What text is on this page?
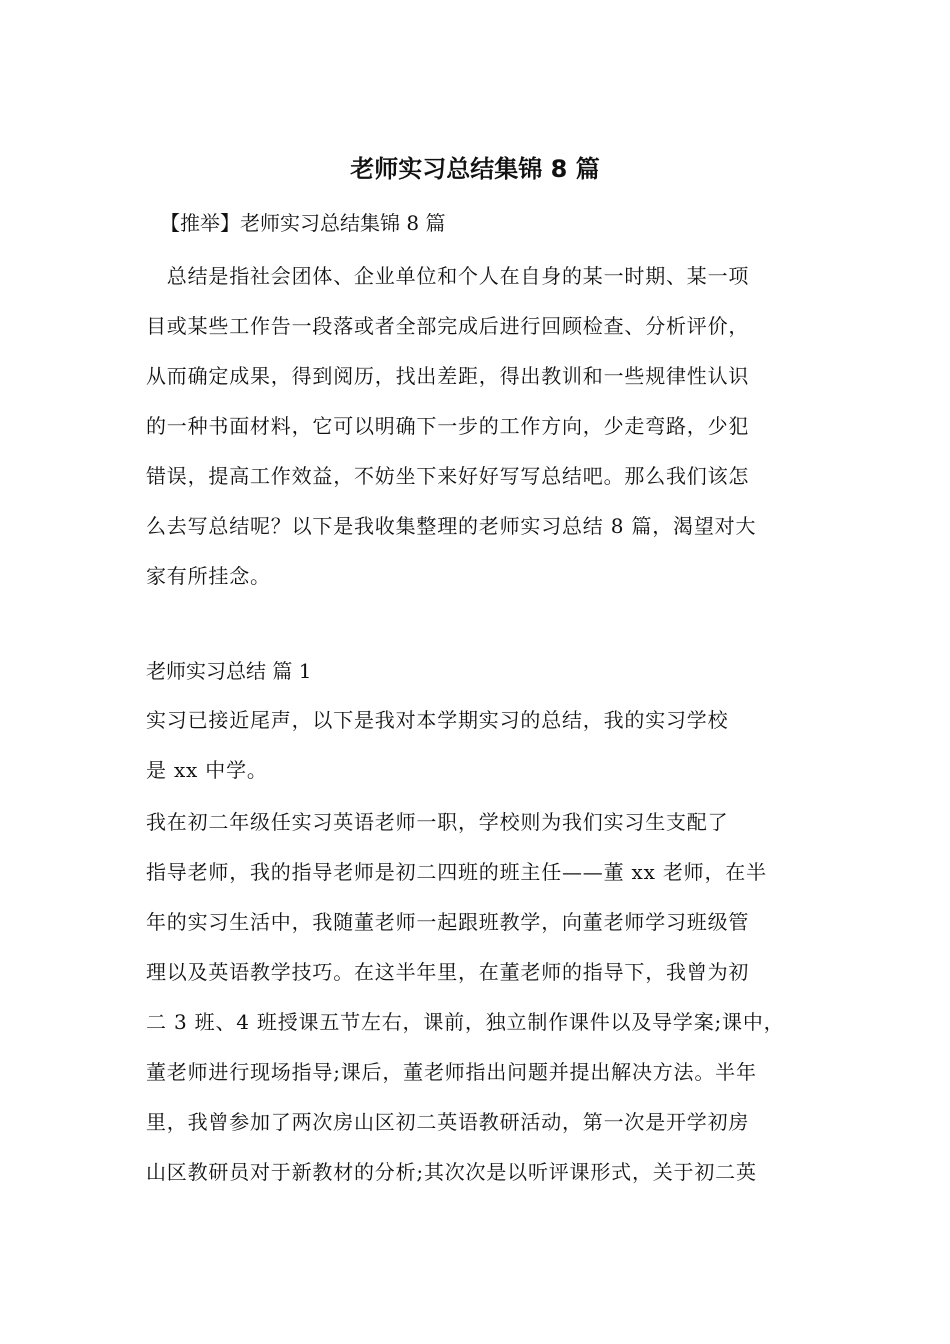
老师实习总结集锦 8 篇

【推举】老师实习总结集锦 8 篇

　总结是指社会团体、企业单位和个人在自身的某一时期、某一项
目或某些工作告一段落或者全部完成后进行回顾检查、分析评价，
从而确定成果，得到阅历，找出差距，得出教训和一些规律性认识
的一种书面材料，它可以明确下一步的工作方向，少走弯路，少犯
错误，提高工作效益，不妨坐下来好好写写总结吧。那么我们该怎
么去写总结呢？以下是我收集整理的老师实习总结 8 篇，渴望对大
家有所挂念。
老师实习总结 篇 1
实习已接近尾声，以下是我对本学期实习的总结，我的实习学校
是 xx 中学。
我在初二年级任实习英语老师一职，学校则为我们实习生支配了
指导老师，我的指导老师是初二四班的班主任——董 xx 老师，在半
年的实习生活中，我随董老师一起跟班教学，向董老师学习班级管
理以及英语教学技巧。在这半年里，在董老师的指导下，我曾为初
二 3 班、4 班授课五节左右，课前，独立制作课件以及导学案;课中，
董老师进行现场指导;课后，董老师指出问题并提出解决方法。半年
里，我曾参加了两次房山区初二英语教研活动，第一次是开学初房
山区教研员对于新教材的分析;其次次是以听评课形式，关于初二英
